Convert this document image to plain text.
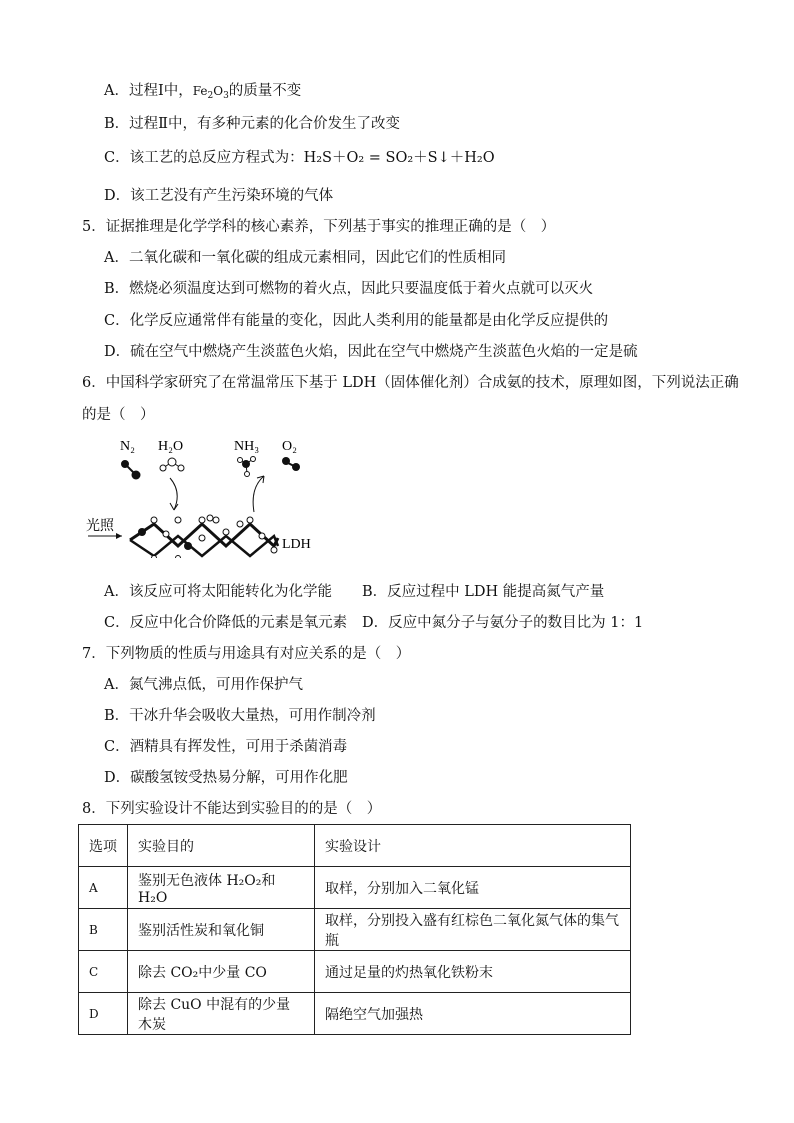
A．过程Ⅰ中，$Fe_2O_3$的质量不变
B．过程Ⅱ中，有多种元素的化合价发生了改变
C．该工艺的总反应方程式为：H₂S＋O₂ = SO₂＋S↓＋H₂O
D．该工艺没有产生污染环境的气体
5．证据推理是化学学科的核心素养，下列基于事实的推理正确的是（　）
A．二氧化碳和一氧化碳的组成元素相同，因此它们的性质相同
B．燃烧必须温度达到可燃物的着火点，因此只要温度低于着火点就可以灭火
C．化学反应通常伴有能量的变化，因此人类利用的能量都是由化学反应提供的
D．硫在空气中燃烧产生淡蓝色火焰，因此在空气中燃烧产生淡蓝色火焰的一定是硫
6．中国科学家研究了在常温常压下基于 LDH（固体催化剂）合成氨的技术，原理如图，下列说法正确
的是（　）
N₂ H₂O	NH₃ O₂
光照
LDH
A．该反应可将太阳能转化为化学能 B．反应过程中 LDH 能提高氮气产量
C．反应中化合价降低的元素是氧元素 D．反应中氮分子与氨分子的数目比为 1：1
7．下列物质的性质与用途具有对应关系的是（　）
A．氮气沸点低，可用作保护气
B．干冰升华会吸收大量热，可用作制冷剂
C．酒精具有挥发性，可用于杀菌消毒
D．碳酸氢铵受热易分解，可用作化肥
8．下列实验设计不能达到实验目的的是（　）
选项	实验目的	实验设计
A	鉴别无色液体 H₂O₂和 H₂O	取样，分别加入二氧化锰
B	鉴别活性炭和氧化铜	取样，分别投入盛有红棕色二氧化氮气体的集气瓶
C	除去 CO₂中少量 CO	通过足量的灼热氧化铁粉末
D	除去 CuO 中混有的少量木炭	隔绝空气加强热
